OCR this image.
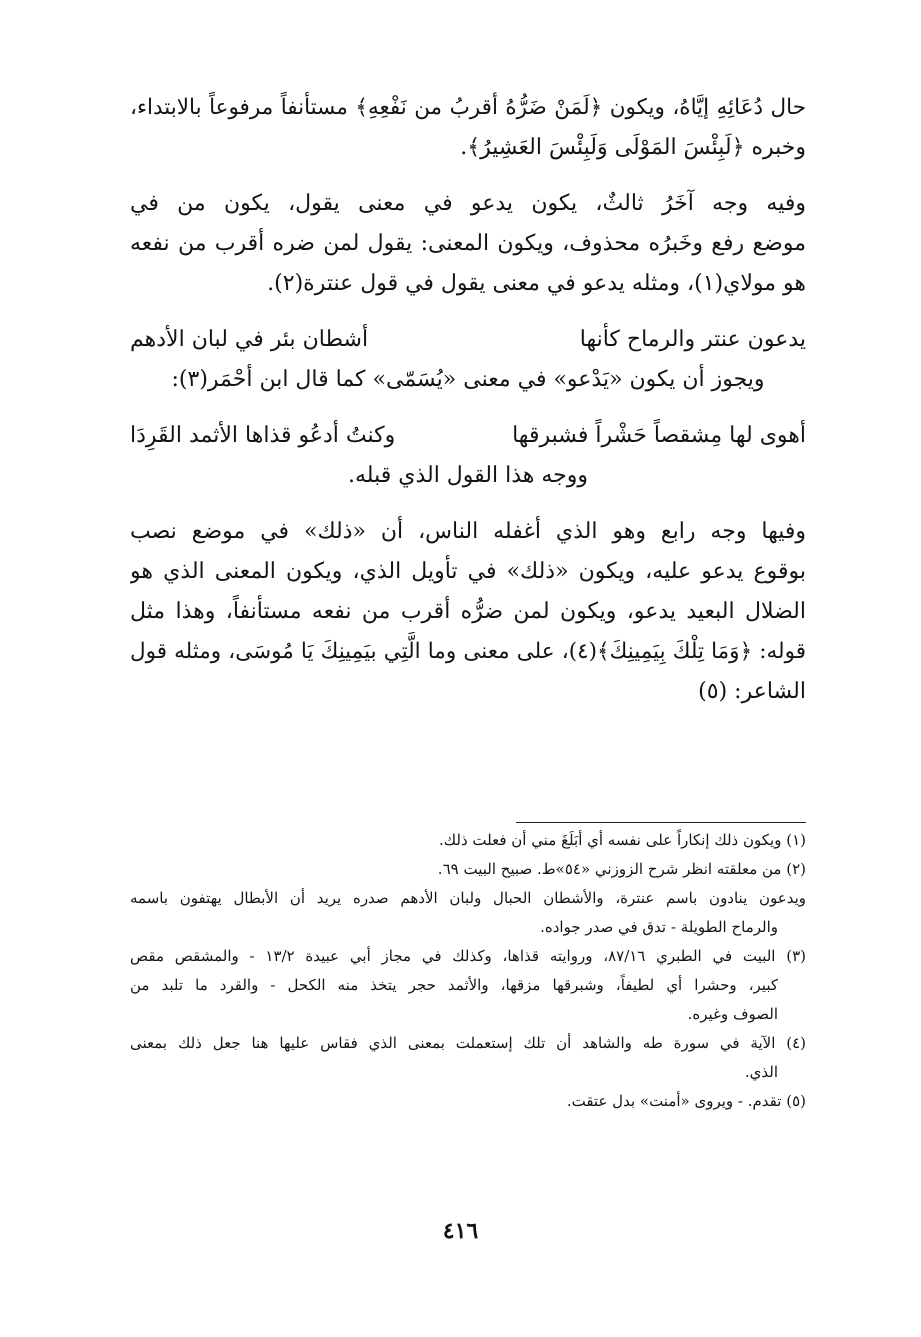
حال دُعَائِهِ إيَّاهُ، ويكون ﴿لَمَنْ ضَرُّهُ أقربُ من نَفْعِهِ﴾ مستأنفاً مرفوعاً بالابتداء،
وخبره ﴿لَبِئْسَ المَوْلَى وَلَبِئْسَ العَشِيرُ﴾.
وفيه وجه آخَرُ ثالثٌ، يكون يدعو في معنى يقول، يكون من في
موضع رفع وخَبرُه محذوف، ويكون المعنى: يقول لمن ضره أقرب من نفعه
هو مولاي(١)، ومثله يدعو في معنى يقول في قول عنترة(٢).
يدعون عنتر والرماح كأنها
أشطان بئر في لبان الأدهم
ويجوز أن يكون «يَدْعو» في معنى «يُسَمّى» كما قال ابن أحْمَر(٣):
أهوى لها مِشقصاً حَشْراً فشبرقها
وكنتُ أدعُو قذاها الأثمد القَرِدَا
ووجه هذا القول الذي قبله.
وفيها وجه رابع وهو الذي أغفله الناس، أن «ذلك» في موضع نصب
بوقوع يدعو عليه، ويكون «ذلك» في تأويل الذي، ويكون المعنى الذي هو
الضلال البعيد يدعو، ويكون لمن ضرُّه أقرب من نفعه مستأنفاً، وهذا مثل
قوله: ﴿وَمَا تِلْكَ بِيَمِينِكَ﴾(٤)، على معنى وما الَّتِي بيَمِينِكَ يَا مُوسَى، ومثله قول
الشاعر: (٥)
(١) ويكون ذلك إنكاراً على نفسه أي أبَلَغَ مني أن فعلت ذلك.
(٢) من معلقته انظر شرح الزوزني «٥٤»ط. صبيح البيت ٦٩.
ويدعون ينادون باسم عنترة، والأشطان الحبال ولبان الأدهم صدره يريد أن الأبطال يهتفون باسمه
والرماح الطويلة - تدق في صدر جواده.
(٣) البيت في الطبري ٨٧/١٦، وروايته قذاها، وكذلك في مجاز أبي عبيدة ١٣/٢ - والمشقص مقص
كبير، وحشرا أي لطيفاً، وشبرقها مزقها، والأثمد حجر يتخذ منه الكحل - والقرد ما تلبد من
الصوف وغيره.
(٤) الآية في سورة طه والشاهد أن تلك إستعملت بمعنى الذي فقاس عليها هنا جعل ذلك بمعنى
الذي.
(٥) تقدم. - ويروى «أمنت» بدل عتقت.
٤١٦
